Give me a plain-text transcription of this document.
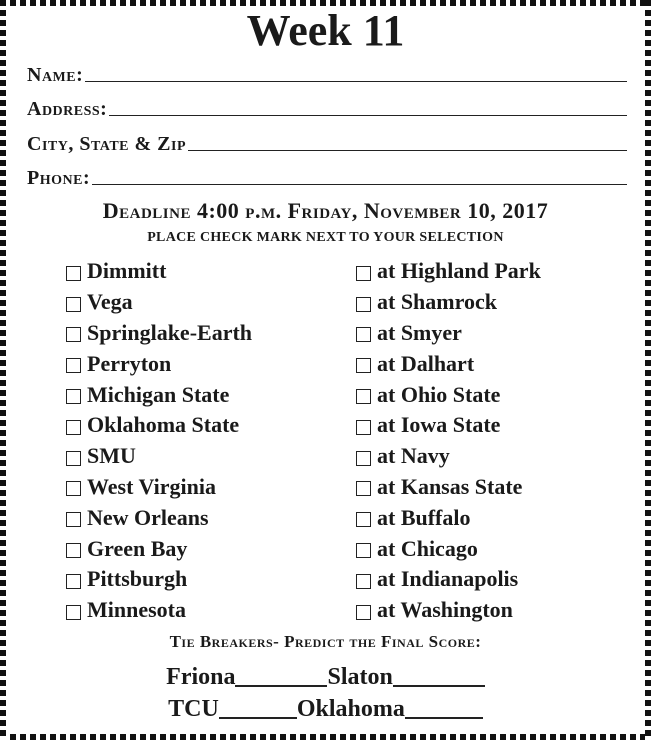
Week 11
Name:
Address:
City, State & Zip
Phone:
Deadline 4:00 p.m. Friday, November 10, 2017
PLACE CHECK MARK NEXT TO YOUR SELECTION
Dimmitt	at Highland Park
Vega	at Shamrock
Springlake-Earth	at Smyer
Perryton	at Dalhart
Michigan State	at Ohio State
Oklahoma State	at Iowa State
SMU	at Navy
West Virginia	at Kansas State
New Orleans	at Buffalo
Green Bay	at Chicago
Pittsburgh	at Indianapolis
Minnesota	at Washington
Tie Breakers- Predict the Final Score:
Friona	Slaton
TCU	Oklahoma
